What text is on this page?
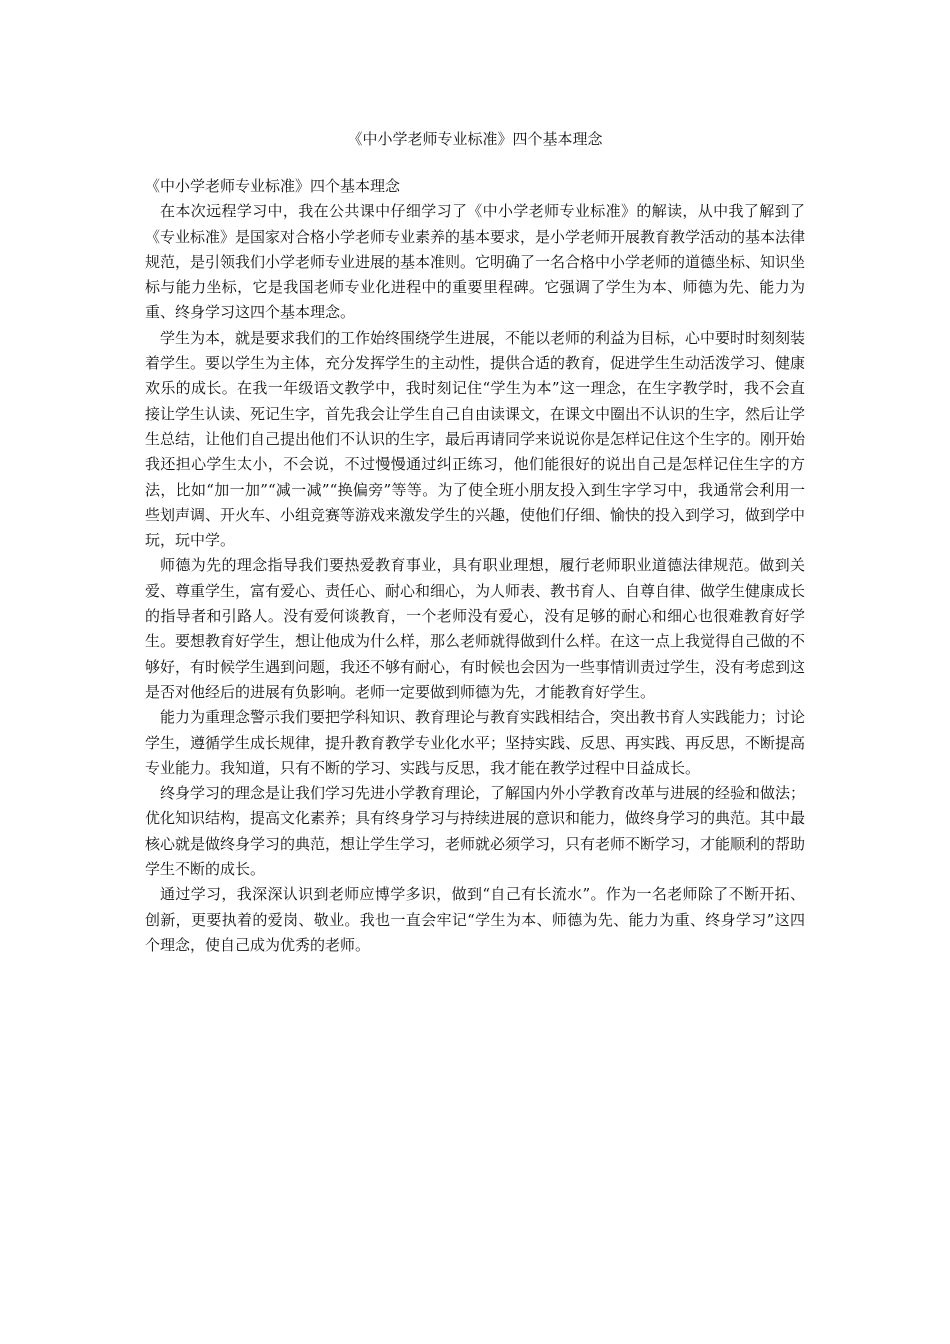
《中小学老师专业标准》四个基本理念

《中小学老师专业标准》四个基本理念

在本次远程学习中，我在公共课中仔细学习了《中小学老师专业标准》的解读，从中我了解到了《专业标准》是国家对合格小学老师专业素养的基本要求，是小学老师开展教育教学活动的基本法律规范，是引领我们小学老师专业进展的基本准则。它明确了一名合格中小学老师的道德坐标、知识坐标与能力坐标，它是我国老师专业化进程中的重要里程碑。它强调了学生为本、师德为先、能力为重、终身学习这四个基本理念。

学生为本，就是要求我们的工作始终围绕学生进展，不能以老师的利益为目标，心中要时时刻刻装着学生。要以学生为主体，充分发挥学生的主动性，提供合适的教育，促进学生生动活泼学习、健康欢乐的成长。在我一年级语文教学中，我时刻记住“学生为本”这一理念，在生字教学时，我不会直接让学生认读、死记生字，首先我会让学生自己自由读课文，在课文中圈出不认识的生字，然后让学生总结，让他们自己提出他们不认识的生字，最后再请同学来说说你是怎样记住这个生字的。刚开始我还担心学生太小，不会说，不过慢慢通过纠正练习，他们能很好的说出自己是怎样记住生字的方法，比如“加一加”“减一减”“换偏旁”等等。为了使全班小朋友投入到生字学习中，我通常会利用一些划声调、开火车、小组竞赛等游戏来激发学生的兴趣，使他们仔细、愉快的投入到学习，做到学中玩，玩中学。

师德为先的理念指导我们要热爱教育事业，具有职业理想，履行老师职业道德法律规范。做到关爱、尊重学生，富有爱心、责任心、耐心和细心，为人师表、教书育人、自尊自律、做学生健康成长的指导者和引路人。没有爱何谈教育，一个老师没有爱心，没有足够的耐心和细心也很难教育好学生。要想教育好学生，想让他成为什么样，那么老师就得做到什么样。在这一点上我觉得自己做的不够好，有时候学生遇到问题，我还不够有耐心，有时候也会因为一些事情训责过学生，没有考虑到这是否对他经后的进展有负影响。老师一定要做到师德为先，才能教育好学生。

能力为重理念警示我们要把学科知识、教育理论与教育实践相结合，突出教书育人实践能力；讨论学生，遵循学生成长规律，提升教育教学专业化水平；坚持实践、反思、再实践、再反思，不断提高专业能力。我知道，只有不断的学习、实践与反思，我才能在教学过程中日益成长。

终身学习的理念是让我们学习先进小学教育理论，了解国内外小学教育改革与进展的经验和做法；优化知识结构，提高文化素养；具有终身学习与持续进展的意识和能力，做终身学习的典范。其中最核心就是做终身学习的典范，想让学生学习，老师就必须学习，只有老师不断学习，才能顺利的帮助学生不断的成长。

通过学习，我深深认识到老师应博学多识，做到“自己有长流水”。作为一名老师除了不断开拓、创新，更要执着的爱岗、敬业。我也一直会牢记“学生为本、师德为先、能力为重、终身学习”这四个理念，使自己成为优秀的老师。
